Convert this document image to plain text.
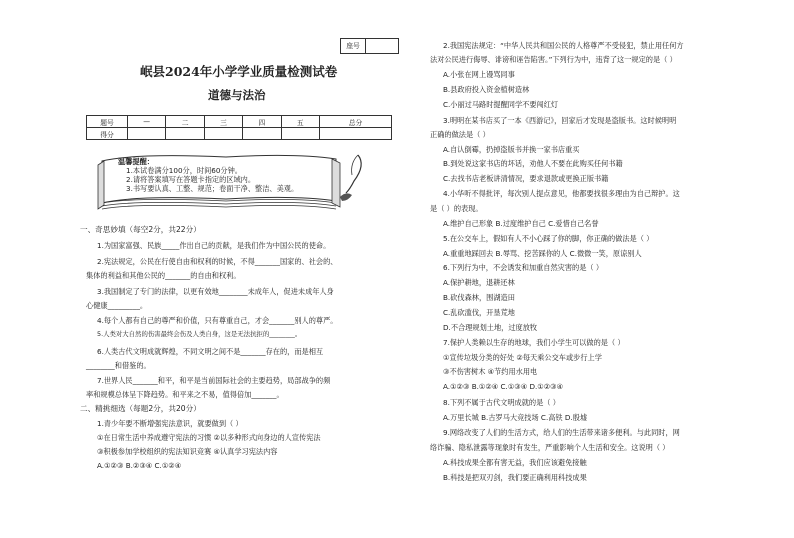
座号
岷县2024年小学学业质量检测试卷
道德与法治
题号	—	二	三	四	五	总分
得分						
温馨提醒：
1.本试卷满分100分，时间60分钟。
2.请将答案填写在答题卡指定的区域内。
3.书写要认真、工整、规范；卷面干净、整洁、美观。
一、奇思妙填（每空2分，共22分）
1.为国家富强、民族_____作出自己的贡献，是我们作为中国公民的使命。
2.宪法规定，公民在行使自由和权利的时候，不得_______国家的、社会的、
集体的利益和其他公民的_______的自由和权利。
3.我国制定了专门的法律，以更有效地________未成年人，促进未成年人身
心健康_________。
4.每个人都有自己的尊严和价值，只有尊重自己，才会_______别人的尊严。
5.人类对大自然的伤害最终会伤及人类自身，这是无法抗拒的________。
6.人类古代文明成就辉煌，不同文明之间不是_______存在的，而是相互
________和借鉴的。
7.世界人民_______和平，和平是当前国际社会的主要趋势，局部战争的频
率和规模总体呈下降趋势。和平来之不易，值得倍加_______。
二、精挑细选（每题2分，共20分）
1.青少年要不断增强宪法意识，就要做到（ ）
①在日常生活中养成遵守宪法的习惯 ②以多种形式向身边的人宣传宪法
③积极参加学校组织的宪法知识竞赛 ④认真学习宪法内容
A.①②③ B.②③④ C.①②④
2.我国宪法规定：“中华人民共和国公民的人格尊严不受侵犯，禁止用任何方
法对公民进行侮辱、诽谤和诬告陷害。”下列行为中，违背了这一规定的是（ ）
A.小张在网上谩骂同事
B.县政府投入资金植树造林
C.小丽过马路时提醒同学不要闯红灯
3.明明在某书店买了一本《西游记》，回家后才发现是盗版书。这时候明明
正确的做法是（ ）
A.自认倒霉，扔掉盗版书并换一家书店重买
B.到处说这家书店的坏话，劝他人不要在此购买任何书籍
C.去找书店老板讲清情况，要求退款或更换正版书籍
4.小华听不得批评，每次别人提点意见，他都要找很多理由为自己辩护。这
是（ ）的表现。
A.维护自己形象 B.过度维护自己 C.爱惜自己名誉
5.在公交车上，假如有人不小心踩了你的脚，你正确的做法是（ ）
A.重重地踩回去 B.辱骂、挖苦踩你的人 C.微微一笑，原谅别人
6.下列行为中，不会诱发和加重自然灾害的是（ ）
A.保护耕地，退耕还林
B.砍伐森林，围湖造田
C.乱砍滥伐，开垦荒地
D.不合理规划土地，过度放牧
7.保护人类赖以生存的地球，我们小学生可以做的是（ ）
①宣传垃圾分类的好处 ②每天乘公交车或步行上学
③不伤害树木 ④节约用水用电
A.①②③ B.①②④ C.①③④ D.①②③④
8.下列不属于古代文明成就的是（ ）
A.万里长城 B.古罗马大竞技场 C.高铁 D.殷墟
9.网络改变了人们的生活方式，给人们的生活带来诸多便利。与此同时，网
络诈骗、隐私泄露等现象时有发生，严重影响个人生活和安全。这说明（ ）
A.科技成果全都有害无益，我们应该避免接触
B.科技是把双刃剑，我们要正确利用科技成果
